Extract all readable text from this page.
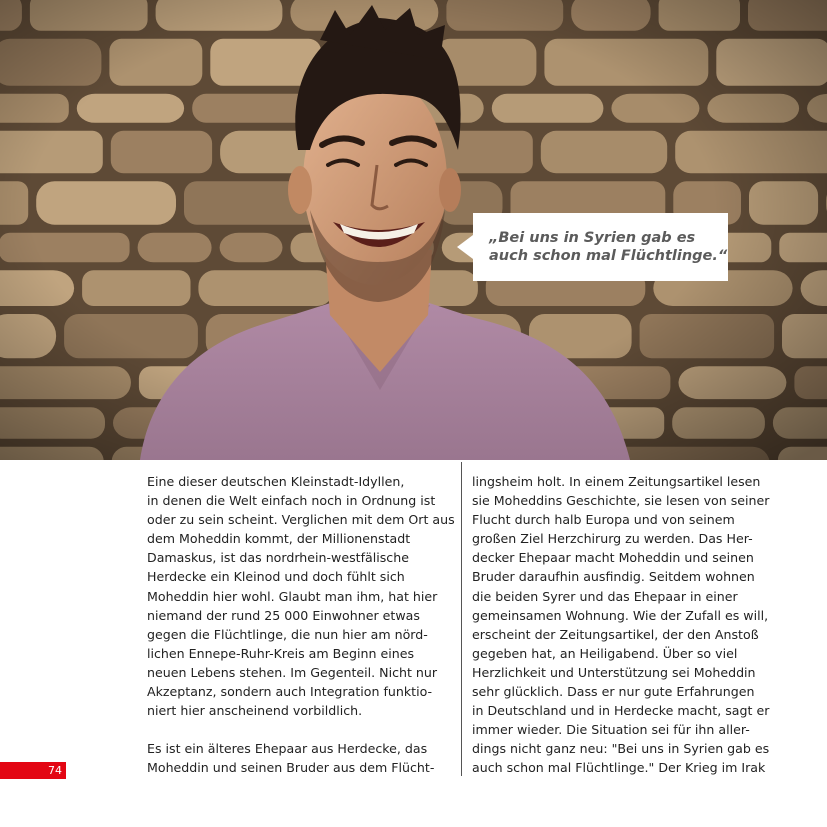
„Bei uns in Syrien gab es
auch schon mal Flüchtlinge.“
Eine dieser deutschen Kleinstadt-Idyllen,
in denen die Welt einfach noch in Ordnung ist
oder zu sein scheint. Verglichen mit dem Ort aus
dem Moheddin kommt, der Millionenstadt
Damaskus, ist das nordrhein-westfälische
Herdecke ein Kleinod und doch fühlt sich
Moheddin hier wohl. Glaubt man ihm, hat hier
niemand der rund 25 000 Einwohner etwas
gegen die Flüchtlinge, die nun hier am nörd-
lichen Ennepe-Ruhr-Kreis am Beginn eines
neuen Lebens stehen. Im Gegenteil. Nicht nur
Akzeptanz, sondern auch Integration funktio-
niert hier anscheinend vorbildlich.
Es ist ein älteres Ehepaar aus Herdecke, das
Moheddin und seinen Bruder aus dem Flücht-
lingsheim holt. In einem Zeitungsartikel lesen
sie Moheddins Geschichte, sie lesen von seiner
Flucht durch halb Europa und von seinem
großen Ziel Herzchirurg zu werden. Das Her-
decker Ehepaar macht Moheddin und seinen
Bruder daraufhin ausfindig. Seitdem wohnen
die beiden Syrer und das Ehepaar in einer
gemeinsamen Wohnung. Wie der Zufall es will,
erscheint der Zeitungsartikel, der den Anstoß
gegeben hat, an Heiligabend. Über so viel
Herzlichkeit und Unterstützung sei Moheddin
sehr glücklich. Dass er nur gute Erfahrungen
in Deutschland und in Herdecke macht, sagt er
immer wieder. Die Situation sei für ihn aller-
dings nicht ganz neu: "Bei uns in Syrien gab es
auch schon mal Flüchtlinge." Der Krieg im Irak
74
